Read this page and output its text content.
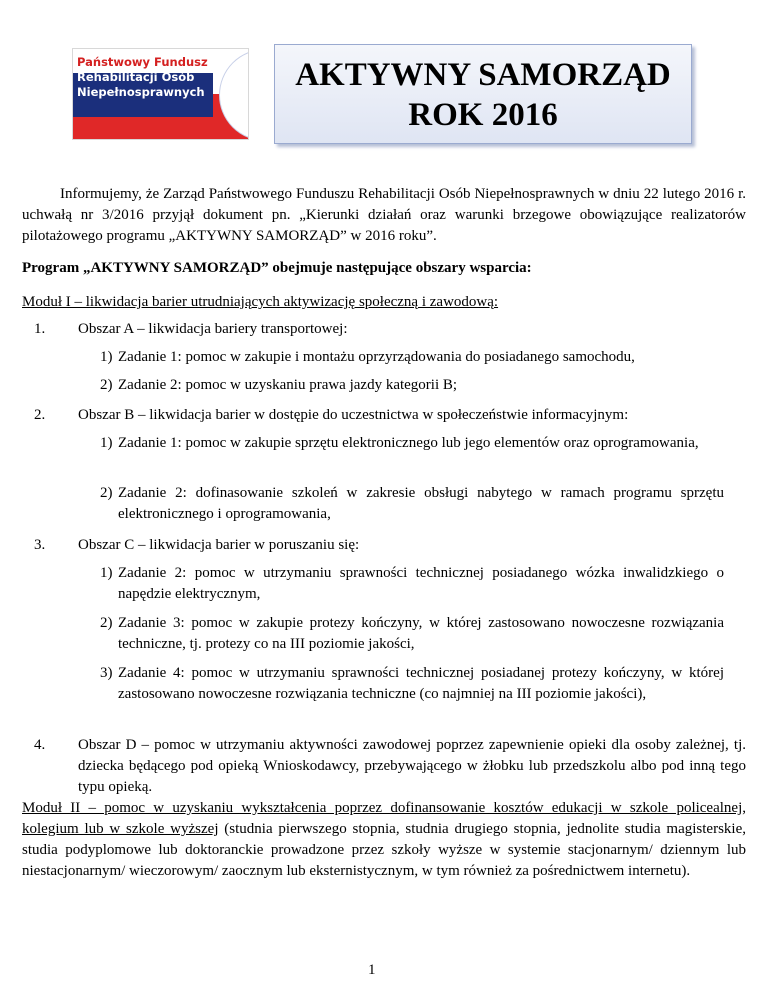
Państwowy Fundusz
Rehabilitacji Osób
Niepełnosprawnych	AKTYWNY SAMORZĄD
ROK 2016
Informujemy, że Zarząd Państwowego Funduszu Rehabilitacji Osób Niepełnosprawnych w dniu 22 lutego 2016 r. uchwałą nr 3/2016 przyjął dokument pn. „Kierunki działań oraz warunki brzegowe obowiązujące realizatorów pilotażowego programu „AKTYWNY SAMORZĄD” w 2016 roku”.
Program „AKTYWNY SAMORZĄD” obejmuje następujące obszary wsparcia:
Moduł I – likwidacja barier utrudniających aktywizację społeczną i zawodową:
1. Obszar A – likwidacja bariery transportowej:
1) Zadanie 1: pomoc w zakupie i montażu oprzyrządowania do posiadanego samochodu,
2) Zadanie 2: pomoc w uzyskaniu prawa jazdy kategorii B;
2. Obszar B – likwidacja barier w dostępie do uczestnictwa w społeczeństwie informacyjnym:
1) Zadanie 1: pomoc w zakupie sprzętu elektronicznego lub jego elementów oraz oprogramowania,
2) Zadanie 2: dofinasowanie szkoleń w zakresie obsługi nabytego w ramach programu sprzętu elektronicznego i oprogramowania,
3. Obszar C – likwidacja barier w poruszaniu się:
1) Zadanie 2: pomoc w utrzymaniu sprawności technicznej posiadanego wózka inwalidzkiego o napędzie elektrycznym,
2) Zadanie 3: pomoc w zakupie protezy kończyny, w której zastosowano nowoczesne rozwiązania techniczne, tj. protezy co na III poziomie jakości,
3) Zadanie 4: pomoc w utrzymaniu sprawności technicznej posiadanej protezy kończyny, w której zastosowano nowoczesne rozwiązania techniczne (co najmniej na III poziomie jakości),
4. Obszar D – pomoc w utrzymaniu aktywności zawodowej poprzez zapewnienie opieki dla osoby zależnej, tj. dziecka będącego pod opieką Wnioskodawcy, przebywającego w żłobku lub przedszkolu albo pod inną tego typu opieką.
Moduł II – pomoc w uzyskaniu wykształcenia poprzez dofinansowanie kosztów edukacji w szkole policealnej, kolegium lub w szkole wyższej (studnia pierwszego stopnia, studnia drugiego stopnia, jednolite studia magisterskie, studia podyplomowe lub doktoranckie prowadzone przez szkoły wyższe w systemie stacjonarnym/ dziennym lub niestacjonarnym/ wieczorowym/ zaocznym lub eksternistycznym, w tym również za pośrednictwem internetu).
1
